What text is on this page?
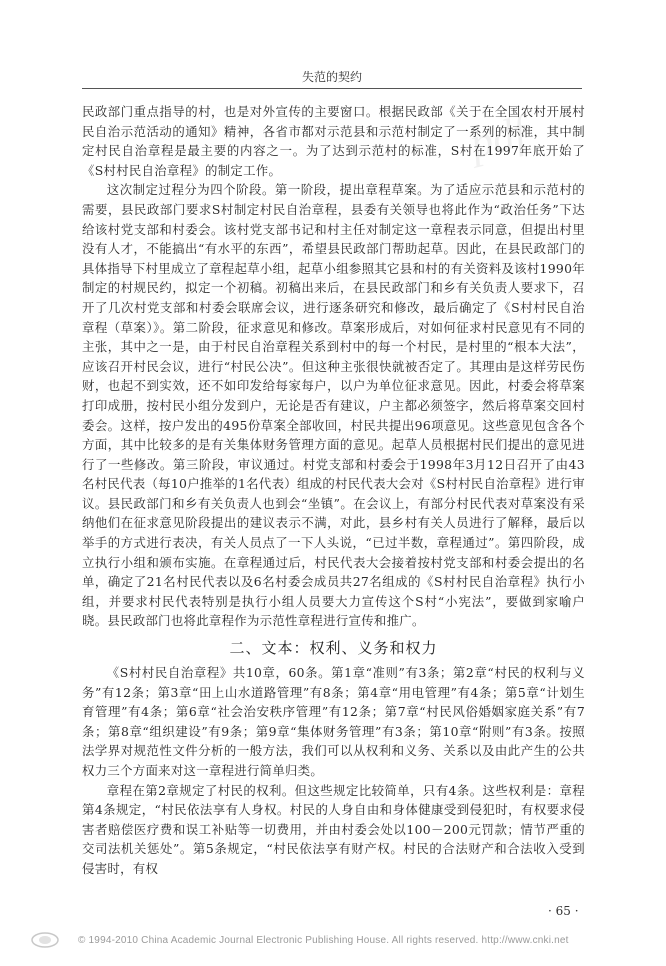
pdf
失范的契约

民政部门重点指导的村，也是对外宣传的主要窗口。根据民政部《关于在全国农村开展村民自治示范活动的通知》精神，各省市都对示范县和示范村制定了一系列的标准，其中制定村民自治章程是最主要的内容之一。为了达到示范村的标准，S村在1997年底开始了《S村村民自治章程》的制定工作。

这次制定过程分为四个阶段。第一阶段，提出章程草案。为了适应示范县和示范村的需要，县民政部门要求S村制定村民自治章程，县委有关领导也将此作为“政治任务”下达给该村党支部和村委会。该村党支部书记和村主任对制定这一章程表示同意，但提出村里没有人才，不能搞出“有水平的东西”，希望县民政部门帮助起草。因此，在县民政部门的具体指导下村里成立了章程起草小组，起草小组参照其它县和村的有关资料及该村1990年制定的村规民约，拟定一个初稿。初稿出来后，在县民政部门和乡有关负责人要求下，召开了几次村党支部和村委会联席会议，进行逐条研究和修改，最后确定了《S村村民自治章程（草案）》。第二阶段，征求意见和修改。草案形成后，对如何征求村民意见有不同的主张，其中之一是，由于村民自治章程关系到村中的每一个村民，是村里的“根本大法”，应该召开村民会议，进行“村民公决”。但这种主张很快就被否定了。其理由是这样劳民伤财，也起不到实效，还不如印发给每家每户，以户为单位征求意见。因此，村委会将草案打印成册，按村民小组分发到户，无论是否有建议，户主都必须签字，然后将草案交回村委会。这样，按户发出的495份草案全部收回，村民共提出96项意见。这些意见包含各个方面，其中比较多的是有关集体财务管理方面的意见。起草人员根据村民们提出的意见进行了一些修改。第三阶段，审议通过。村党支部和村委会于1998年3月12日召开了由43名村民代表（每10户推举的1名代表）组成的村民代表大会对《S村村民自治章程》进行审议。县民政部门和乡有关负责人也到会“坐镇”。在会议上，有部分村民代表对草案没有采纳他们在征求意见阶段提出的建议表示不满，对此，县乡村有关人员进行了解释，最后以举手的方式进行表决，有关人员点了一下人头说，“已过半数，章程通过”。第四阶段，成立执行小组和颁布实施。在章程通过后，村民代表大会接着按村党支部和村委会提出的名单，确定了21名村民代表以及6名村委会成员共27名组成的《S村村民自治章程》执行小组，并要求村民代表特别是执行小组人员要大力宣传这个S村“小宪法”，要做到家喻户晓。县民政部门也将此章程作为示范性章程进行宣传和推广。

二、文本：权利、义务和权力

《S村村民自治章程》共10章，60条。第1章“准则”有3条；第2章“村民的权利与义务”有12条；第3章“田上山水道路管理”有8条；第4章“用电管理”有4条；第5章“计划生育管理”有4条；第6章“社会治安秩序管理”有12条；第7章“村民风俗婚姻家庭关系”有7条；第8章“组织建设”有9条；第9章“集体财务管理”有3条；第10章“附则”有3条。按照法学界对规范性文件分析的一般方法，我们可以从权利和义务、关系以及由此产生的公共权力三个方面来对这一章程进行简单归类。

章程在第2章规定了村民的权利。但这些规定比较简单，只有4条。这些权利是：章程第4条规定，“村民依法享有人身权。村民的人身自由和身体健康受到侵犯时，有权要求侵害者赔偿医疗费和误工补贴等一切费用，并由村委会处以100－200元罚款；情节严重的交司法机关惩处”。第5条规定，“村民依法享有财产权。村民的合法财产和合法收入受到侵害时，有权

· 65 ·
© 1994-2010 China Academic Journal Electronic Publishing House. All rights reserved. http://www.cnki.net
